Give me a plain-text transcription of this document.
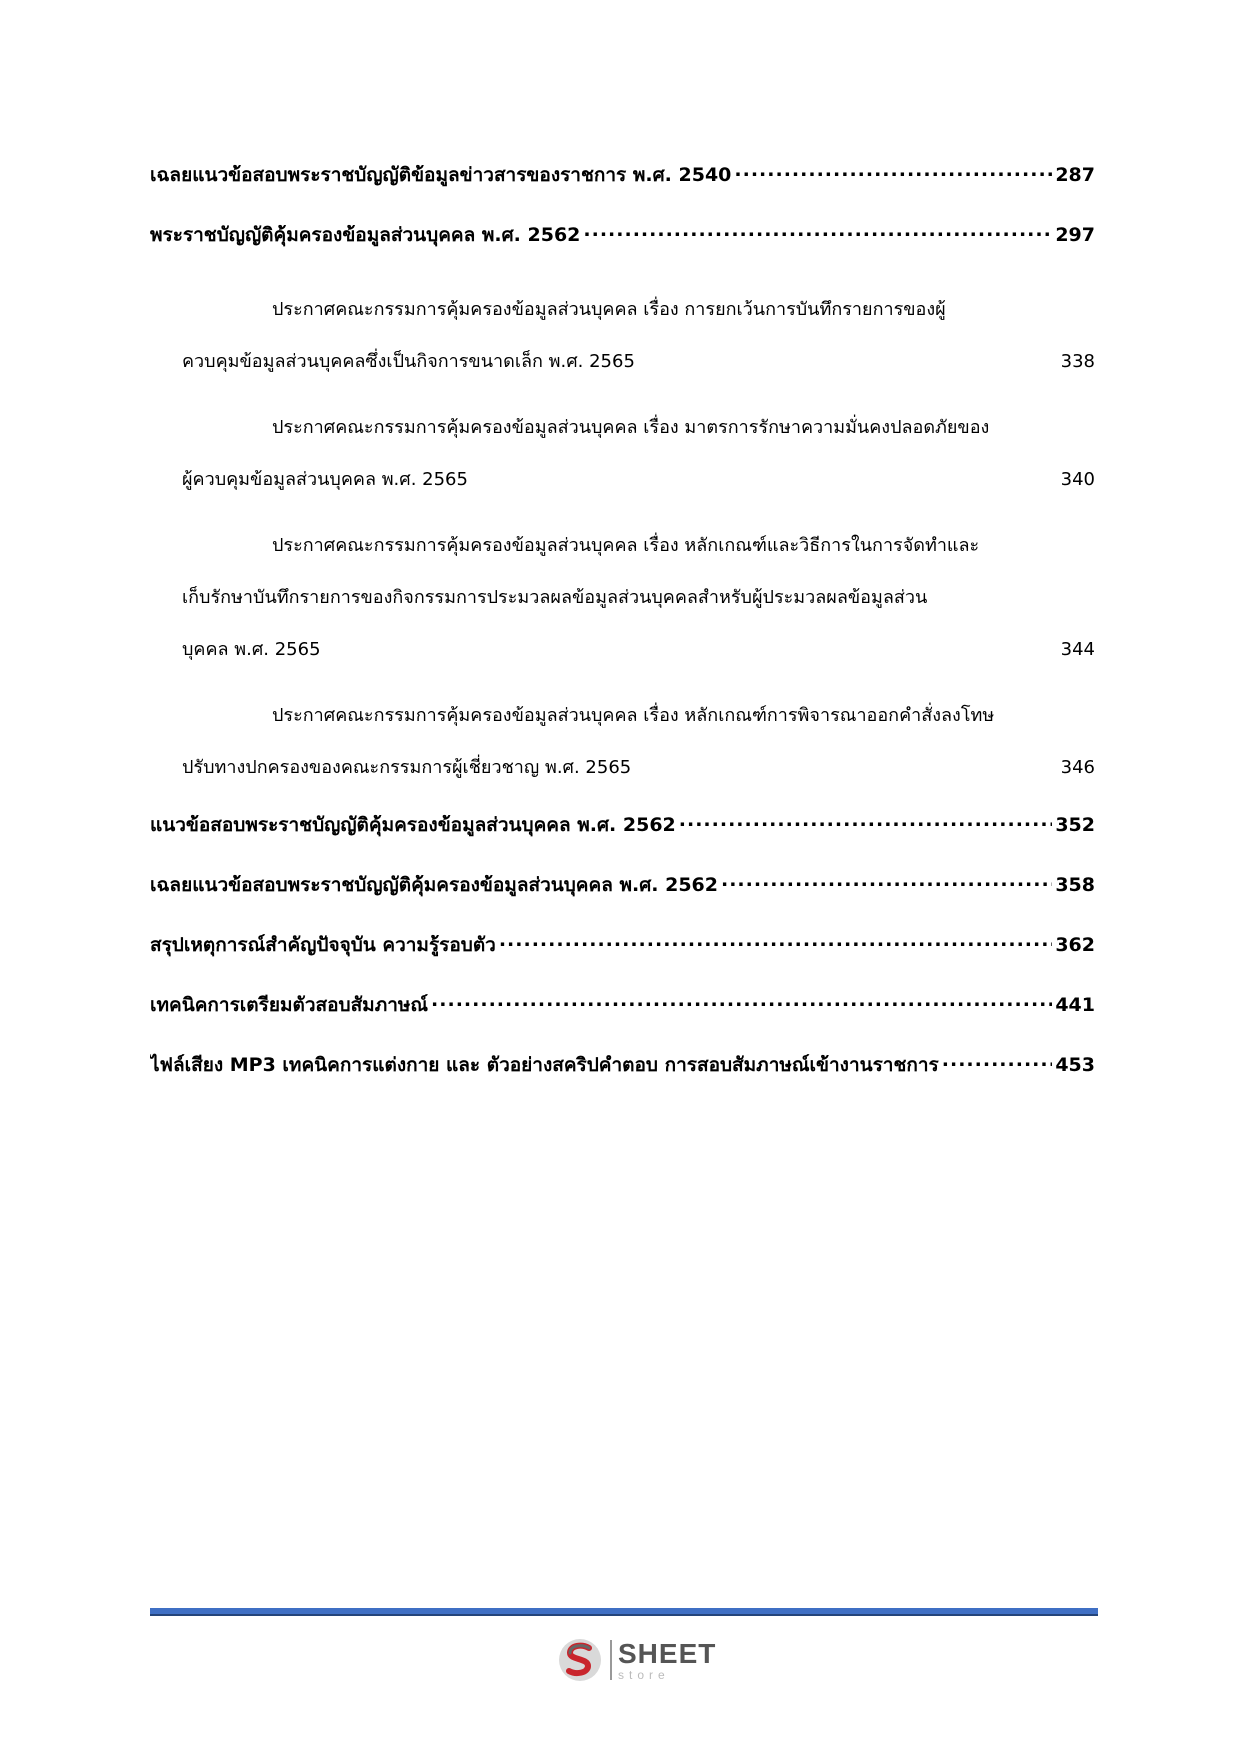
เฉลยแนวข้อสอบพระราชบัญญัติข้อมูลข่าวสารของราชการ พ.ศ. 2540 .....	287
พระราชบัญญัติคุ้มครองข้อมูลส่วนบุคคล พ.ศ. 2562 .....	297
ประกาศคณะกรรมการคุ้มครองข้อมูลส่วนบุคคล เรื่อง การยกเว้นการบันทึกรายการของผู้
ควบคุมข้อมูลส่วนบุคคลซึ่งเป็นกิจการขนาดเล็ก พ.ศ. 2565 .....	338
ประกาศคณะกรรมการคุ้มครองข้อมูลส่วนบุคคล เรื่อง มาตรการรักษาความมั่นคงปลอดภัยของ
ผู้ควบคุมข้อมูลส่วนบุคคล พ.ศ. 2565 .....	340
ประกาศคณะกรรมการคุ้มครองข้อมูลส่วนบุคคล เรื่อง หลักเกณฑ์และวิธีการในการจัดทำและ
เก็บรักษาบันทึกรายการของกิจกรรมการประมวลผลข้อมูลส่วนบุคคลสำหรับผู้ประมวลผลข้อมูลส่วน
บุคคล พ.ศ. 2565 .....	344
ประกาศคณะกรรมการคุ้มครองข้อมูลส่วนบุคคล เรื่อง หลักเกณฑ์การพิจารณาออกคำสั่งลงโทษ
ปรับทางปกครองของคณะกรรมการผู้เชี่ยวชาญ พ.ศ. 2565 .....	346
แนวข้อสอบพระราชบัญญัติคุ้มครองข้อมูลส่วนบุคคล พ.ศ. 2562 .....	352
เฉลยแนวข้อสอบพระราชบัญญัติคุ้มครองข้อมูลส่วนบุคคล พ.ศ. 2562 .....	358
สรุปเหตุการณ์สำคัญปัจจุบัน ความรู้รอบตัว .....	362
เทคนิคการเตรียมตัวสอบสัมภาษณ์ .....	441
ไฟล์เสียง MP3 เทคนิคการแต่งกาย และ ตัวอย่างสคริปคำตอบ การสอบสัมภาษณ์เข้างานราชการ .....	453
SHEET
store
